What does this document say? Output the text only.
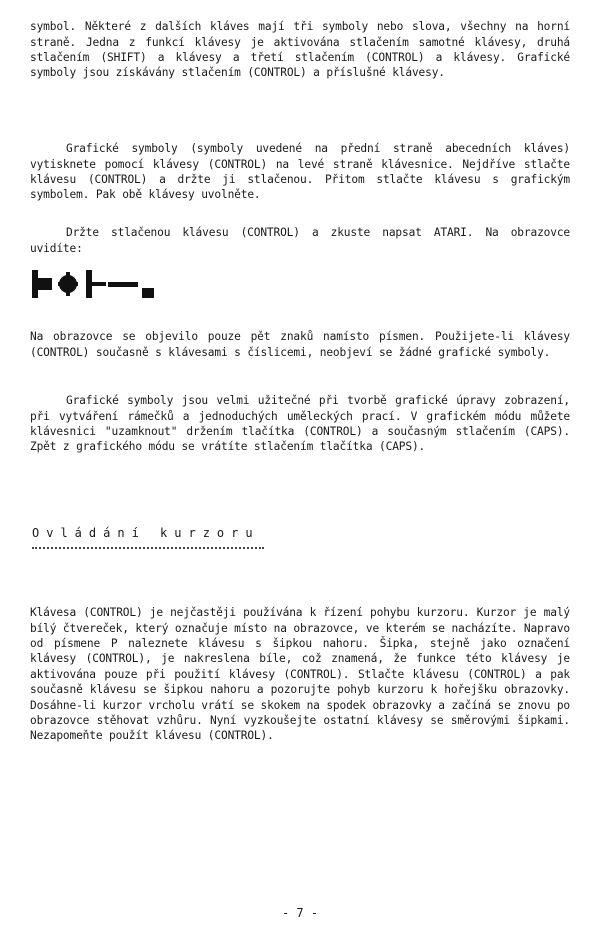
symbol. Některé z dalších kláves mají tři symboly nebo slova, všechny na horní straně. Jedna z funkcí klávesy je aktivována stlačením samotné klávesy, druhá stlačením (SHIFT) a klávesy a třetí stlačením (CONTROL) a klávesy. Grafické symboly jsou získávány stlačením (CONTROL) a příslušné klávesy.

Grafické symboly (symboly uvedené na přední straně abecedních kláves) vytisknete pomocí klávesy (CONTROL) na levé straně klávesnice. Nejdříve stlačte klávesu (CONTROL) a držte ji stlačenou. Přitom stlačte klávesu s grafickým symbolem. Pak obě klávesy uvolněte.

Držte stlačenou klávesu (CONTROL) a zkuste napsat ATARI. Na obrazovce uvidíte:

Na obrazovce se objevilo pouze pět znaků namísto písmen. Použijete-li klávesy (CONTROL) současně s klávesami s číslicemi, neobjeví se žádné grafické symboly.

Grafické symboly jsou velmi užitečné při tvorbě grafické úpravy zobrazení, při vytváření rámečků a jednoduchých uměleckých prací. V grafickém módu můžete klávesnici "uzamknout" držením tlačítka (CONTROL) a současným stlačením (CAPS). Zpět z grafického módu se vrátíte stlačením tlačítka (CAPS).

Ovládání kurzoru

Klávesa (CONTROL) je nejčastěji používána k řízení pohybu kurzoru. Kurzor je malý bílý čtvereček, který označuje místo na obrazovce, ve kterém se nacházíte. Napravo od písmene P naleznete klávesu s šipkou nahoru. Šipka, stejně jako označení klávesy (CONTROL), je nakreslena bíle, což znamená, že funkce této klávesy je aktivována pouze při použití klávesy (CONTROL). Stlačte klávesu (CONTROL) a pak současně klávesu se šipkou nahoru a pozorujte pohyb kurzoru k hořejšku obrazovky. Dosáhne-li kurzor vrcholu vrátí se skokem na spodek obrazovky a začíná se znovu po obrazovce stěhovat vzhůru. Nyní vyzkoušejte ostatní klávesy se směrovými šipkami. Nezapomeňte použít klávesu (CONTROL).

- 7 -
